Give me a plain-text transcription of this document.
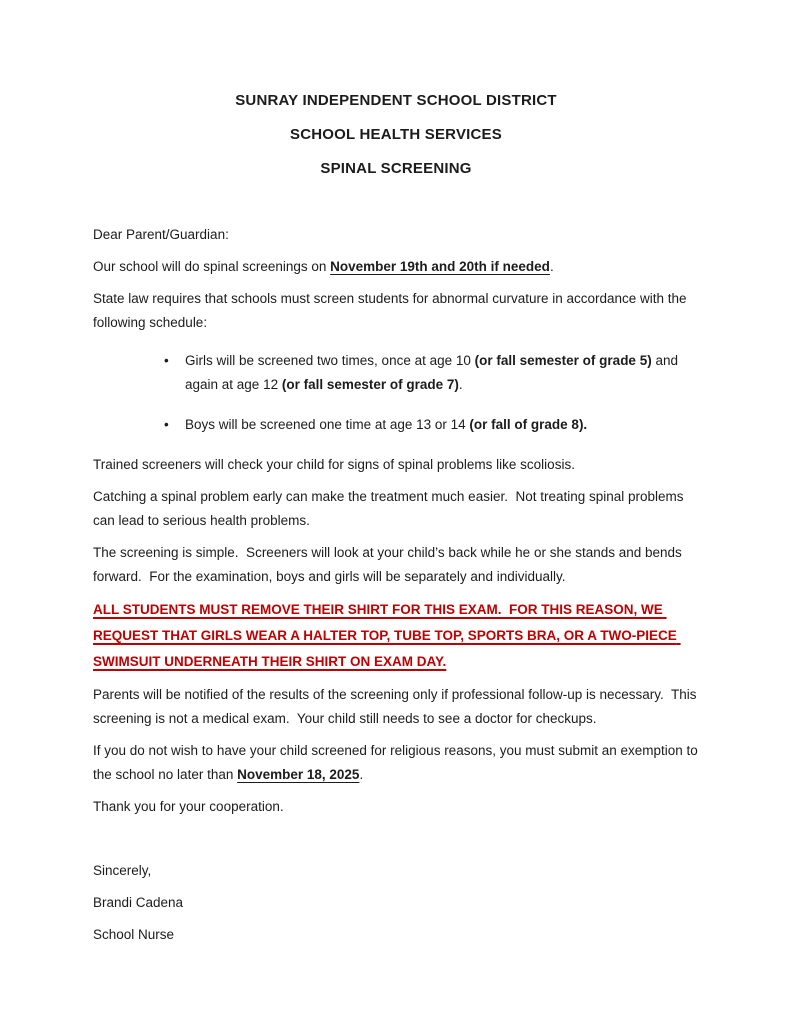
SUNRAY INDEPENDENT SCHOOL DISTRICT
SCHOOL HEALTH SERVICES
SPINAL SCREENING

Dear Parent/Guardian:

Our school will do spinal screenings on November 19th and 20th if needed.

State law requires that schools must screen students for abnormal curvature in accordance with the following schedule:

•	Girls will be screened two times, once at age 10 (or fall semester of grade 5) and again at age 12 (or fall semester of grade 7).
•	Boys will be screened one time at age 13 or 14 (or fall of grade 8).

Trained screeners will check your child for signs of spinal problems like scoliosis.

Catching a spinal problem early can make the treatment much easier.  Not treating spinal problems can lead to serious health problems.

The screening is simple.  Screeners will look at your child’s back while he or she stands and bends forward.  For the examination, boys and girls will be separately and individually.

ALL STUDENTS MUST REMOVE THEIR SHIRT FOR THIS EXAM.  FOR THIS REASON, WE REQUEST THAT GIRLS WEAR A HALTER TOP, TUBE TOP, SPORTS BRA, OR A TWO-PIECE SWIMSUIT UNDERNEATH THEIR SHIRT ON EXAM DAY.

Parents will be notified of the results of the screening only if professional follow-up is necessary.  This screening is not a medical exam.  Your child still needs to see a doctor for checkups.

If you do not wish to have your child screened for religious reasons, you must submit an exemption to the school no later than November 18, 2025.

Thank you for your cooperation.

Sincerely,

Brandi Cadena

School Nurse
